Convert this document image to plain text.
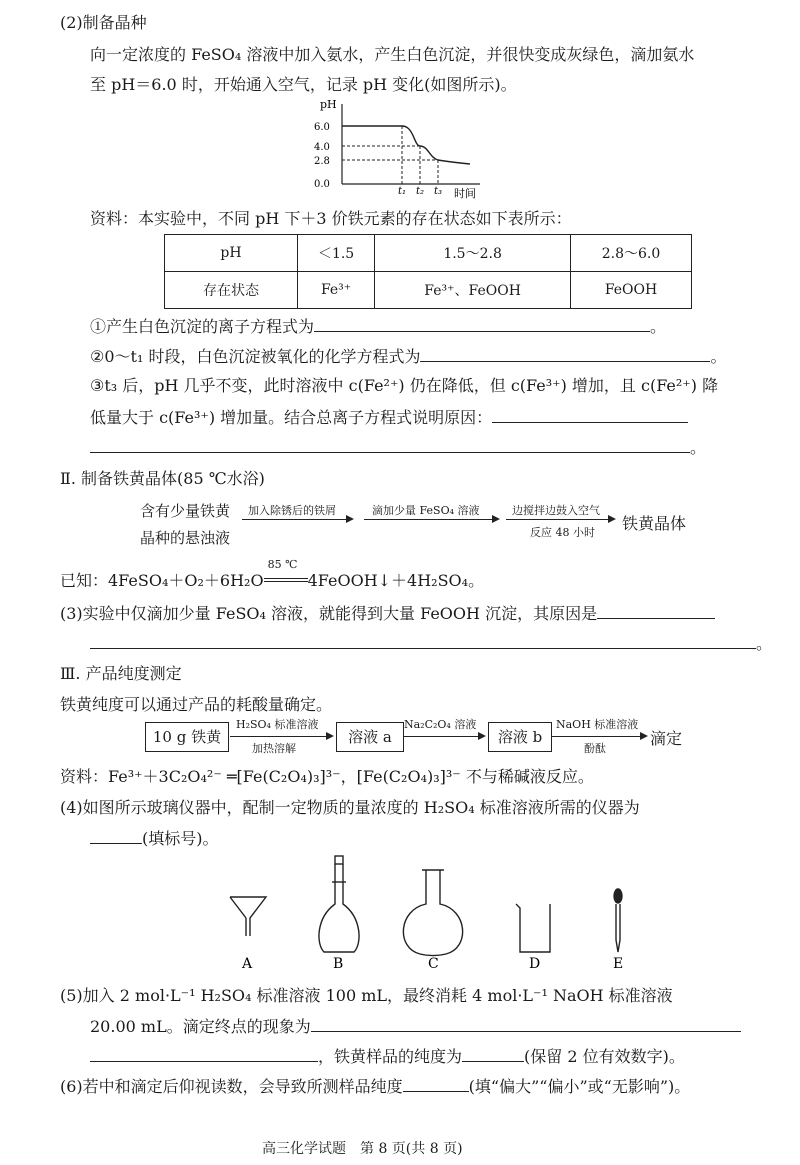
(2)制备晶种
向一定浓度的 FeSO₄ 溶液中加入氨水，产生白色沉淀，并很快变成灰绿色，滴加氨水
至 pH＝6.0 时，开始通入空气，记录 pH 变化(如图所示)。
pH
6.0
4.0
2.8
0.0
t₁ t₂ t₃ 时间
资料：本实验中，不同 pH 下＋3 价铁元素的存在状态如下表所示：
pH	＜1.5	1.5～2.8	2.8～6.0
存在状态	Fe³⁺	Fe³⁺、FeOOH	FeOOH
①产生白色沉淀的离子方程式为	。
②0～t₁ 时段，白色沉淀被氧化的化学方程式为	。
③t₃ 后，pH 几乎不变，此时溶液中 c(Fe²⁺) 仍在降低，但 c(Fe³⁺) 增加，且 c(Fe²⁺) 降
低量大于 c(Fe³⁺) 增加量。结合总离子方程式说明原因：
。
Ⅱ. 制备铁黄晶体(85 ℃水浴)
含有少量铁黄
晶种的悬浊液
加入除锈后的铁屑	滴加少量 FeSO₄ 溶液	边搅拌边鼓入空气
反应 48 小时 铁黄晶体
已知：4FeSO₄＋O₂＋6H₂O
85 ℃
4FeOOH↓＋4H₂SO₄。
(3)实验中仅滴加少量 FeSO₄ 溶液，就能得到大量 FeOOH 沉淀，其原因是
。
Ⅲ. 产品纯度测定
铁黄纯度可以通过产品的耗酸量确定。
10 g 铁黄
H₂SO₄ 标准溶液
加热溶解
溶液 a
Na₂C₂O₄ 溶液
溶液 b
NaOH 标准溶液
酚酞
滴定
资料：Fe³⁺＋3C₂O₄²⁻ ═[Fe(C₂O₄)₃]³⁻，[Fe(C₂O₄)₃]³⁻ 不与稀碱液反应。
(4)如图所示玻璃仪器中，配制一定物质的量浓度的 H₂SO₄ 标准溶液所需的仪器为
(填标号)。
A	B	C	D	E
(5)加入 2 mol·L⁻¹ H₂SO₄ 标准溶液 100 mL，最终消耗 4 mol·L⁻¹ NaOH 标准溶液
20.00 mL。滴定终点的现象为
，铁黄样品的纯度为	(保留 2 位有效数字)。
(6)若中和滴定后仰视读数，会导致所测样品纯度	(填“偏大”“偏小”或“无影响”)。
高三化学试题　第 8 页(共 8 页)
